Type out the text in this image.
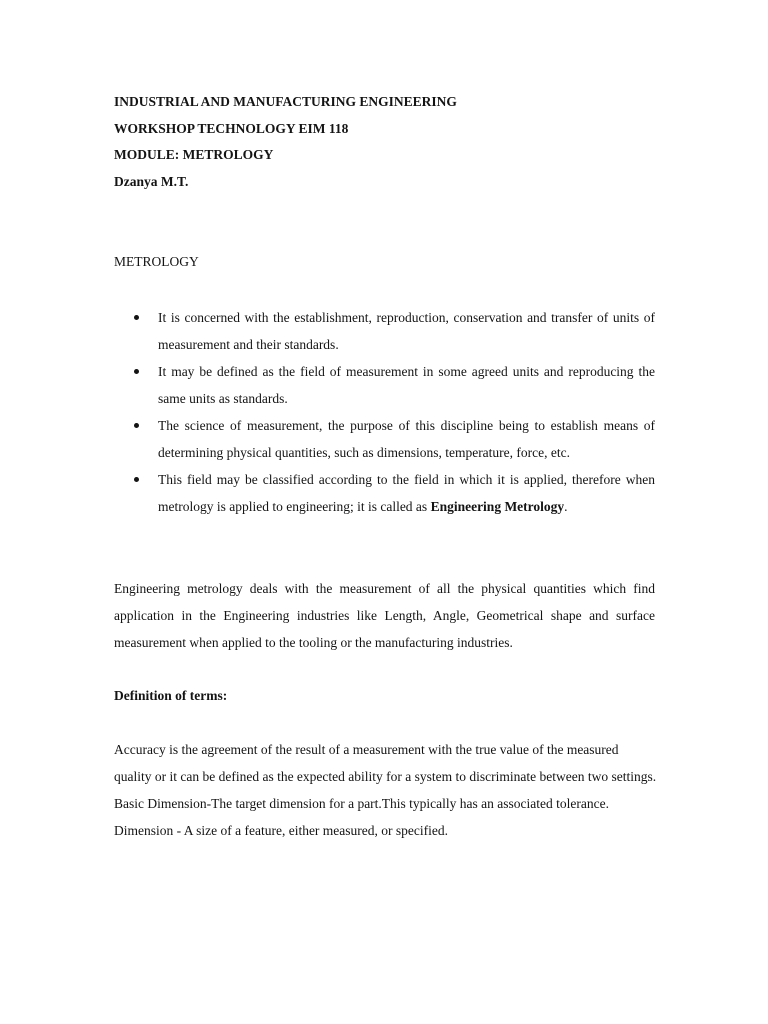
INDUSTRIAL AND MANUFACTURING ENGINEERING
WORKSHOP TECHNOLOGY EIM 118
MODULE: METROLOGY
Dzanya M.T.
METROLOGY
It is concerned with the establishment, reproduction, conservation and transfer of units of measurement and their standards.
It may be defined as the field of measurement in some agreed units and reproducing the same units as standards.
The science of measurement, the purpose of this discipline being to establish means of determining physical quantities, such as dimensions, temperature, force, etc.
This field may be classified according to the field in which it is applied, therefore when metrology is applied to engineering; it is called as Engineering Metrology.
Engineering metrology deals with the measurement of all the physical quantities which find application in the Engineering industries like Length, Angle, Geometrical shape and surface measurement when applied to the tooling or the manufacturing industries.
Definition of terms:

Accuracy is the agreement of the result of a measurement with the true value of the measured quality or it can be defined as the expected ability for a system to discriminate between two settings.

Basic Dimension-The target dimension for a part.This typically has an associated tolerance.

Dimension - A size of a feature, either measured, or specified.
